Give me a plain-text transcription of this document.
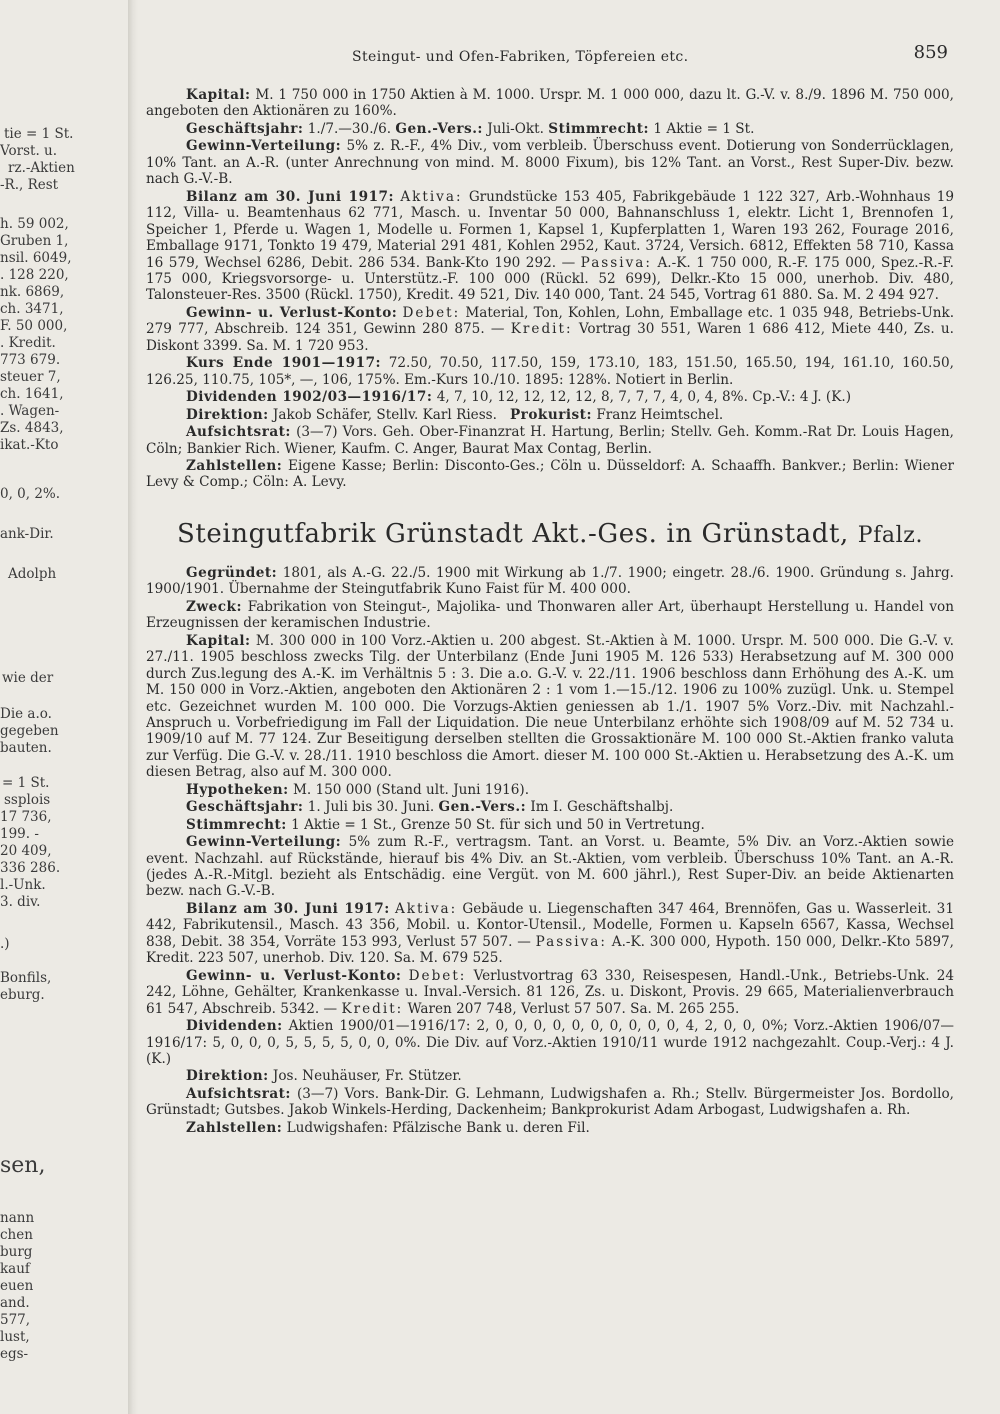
tie = 1 St.
Vorst. u.
rz.-Aktien
-R., Rest
h. 59 002,
Gruben 1,
nsil. 6049,
. 128 220,
nk. 6869,
ch. 3471,
F. 50 000,
. Kredit.
773 679.
steuer 7,
ch. 1641,
. Wagen-
Zs. 4843,
ikat.-Kto
0, 0, 2%.
ank-Dir.
Adolph
wie der
Die a.o.
gegeben
bauten.
= 1 St.
ssplois
17 736,
199. -
20 409,
336 286.
l.-Unk.
3. div.
.)
Bonfils,
eburg.
sen,
nann
chen
burg
kauf
euen
and.
577,
lust,
egs-
Steingut- und Ofen-Fabriken, Töpfereien etc.	859

Kapital: M. 1 750 000 in 1750 Aktien à M. 1000. Urspr. M. 1 000 000, dazu lt. G.-V. v. 8./9. 1896 M. 750 000, angeboten den Aktionären zu 160%.

Geschäftsjahr: 1./7.—30./6. Gen.-Vers.: Juli-Okt. Stimmrecht: 1 Aktie = 1 St.

Gewinn-Verteilung: 5% z. R.-F., 4% Div., vom verbleib. Überschuss event. Dotierung von Sonderrücklagen, 10% Tant. an A.-R. (unter Anrechnung von mind. M. 8000 Fixum), bis 12% Tant. an Vorst., Rest Super-Div. bezw. nach G.-V.-B.

Bilanz am 30. Juni 1917: Aktiva: Grundstücke 153 405, Fabrikgebäude 1 122 327, Arb.-Wohnhaus 19 112, Villa- u. Beamtenhaus 62 771, Masch. u. Inventar 50 000, Bahnanschluss 1, elektr. Licht 1, Brennofen 1, Speicher 1, Pferde u. Wagen 1, Modelle u. Formen 1, Kapsel 1, Kupferplatten 1, Waren 193 262, Fourage 2016, Emballage 9171, Tonkto 19 479, Material 291 481, Kohlen 2952, Kaut. 3724, Versich. 6812, Effekten 58 710, Kassa 16 579, Wechsel 6286, Debit. 286 534. Bank-Kto 190 292. — Passiva: A.-K. 1 750 000, R.-F. 175 000, Spez.-R.-F. 175 000, Kriegsvorsorge- u. Unterstütz.-F. 100 000 (Rückl. 52 699), Delkr.-Kto 15 000, unerhob. Div. 480, Talonsteuer-Res. 3500 (Rückl. 1750), Kredit. 49 521, Div. 140 000, Tant. 24 545, Vortrag 61 880. Sa. M. 2 494 927.

Gewinn- u. Verlust-Konto: Debet: Material, Ton, Kohlen, Lohn, Emballage etc. 1 035 948, Betriebs-Unk. 279 777, Abschreib. 124 351, Gewinn 280 875. — Kredit: Vortrag 30 551, Waren 1 686 412, Miete 440, Zs. u. Diskont 3399. Sa. M. 1 720 953.

Kurs Ende 1901—1917: 72.50, 70.50, 117.50, 159, 173.10, 183, 151.50, 165.50, 194, 161.10, 160.50, 126.25, 110.75, 105*, —, 106, 175%. Em.-Kurs 10./10. 1895: 128%. Notiert in Berlin.

Dividenden 1902/03—1916/17: 4, 7, 10, 12, 12, 12, 12, 8, 7, 7, 7, 4, 0, 4, 8%. Cp.-V.: 4 J. (K.)

Direktion: Jakob Schäfer, Stellv. Karl Riess. Prokurist: Franz Heimtschel.

Aufsichtsrat: (3—7) Vors. Geh. Ober-Finanzrat H. Hartung, Berlin; Stellv. Geh. Komm.-Rat Dr. Louis Hagen, Cöln; Bankier Rich. Wiener, Kaufm. C. Anger, Baurat Max Contag, Berlin.

Zahlstellen: Eigene Kasse; Berlin: Disconto-Ges.; Cöln u. Düsseldorf: A. Schaaffh. Bankver.; Berlin: Wiener Levy & Comp.; Cöln: A. Levy.

Steingutfabrik Grünstadt Akt.-Ges. in Grünstadt, Pfalz.

Gegründet: 1801, als A.-G. 22./5. 1900 mit Wirkung ab 1./7. 1900; eingetr. 28./6. 1900. Gründung s. Jahrg. 1900/1901. Übernahme der Steingutfabrik Kuno Faist für M. 400 000.

Zweck: Fabrikation von Steingut-, Majolika- und Thonwaren aller Art, überhaupt Herstellung u. Handel von Erzeugnissen der keramischen Industrie.

Kapital: M. 300 000 in 100 Vorz.-Aktien u. 200 abgest. St.-Aktien à M. 1000. Urspr. M. 500 000. Die G.-V. v. 27./11. 1905 beschloss zwecks Tilg. der Unterbilanz (Ende Juni 1905 M. 126 533) Herabsetzung auf M. 300 000 durch Zus.legung des A.-K. im Verhältnis 5 : 3. Die a.o. G.-V. v. 22./11. 1906 beschloss dann Erhöhung des A.-K. um M. 150 000 in Vorz.-Aktien, angeboten den Aktionären 2 : 1 vom 1.—15./12. 1906 zu 100% zuzügl. Unk. u. Stempel etc. Gezeichnet wurden M. 100 000. Die Vorzugs-Aktien geniessen ab 1./1. 1907 5% Vorz.-Div. mit Nachzahl.-Anspruch u. Vorbefriedigung im Fall der Liquidation. Die neue Unterbilanz erhöhte sich 1908/09 auf M. 52 734 u. 1909/10 auf M. 77 124. Zur Beseitigung derselben stellten die Grossaktionäre M. 100 000 St.-Aktien franko valuta zur Verfüg. Die G.-V. v. 28./11. 1910 beschloss die Amort. dieser M. 100 000 St.-Aktien u. Herabsetzung des A.-K. um diesen Betrag, also auf M. 300 000.

Hypotheken: M. 150 000 (Stand ult. Juni 1916).

Geschäftsjahr: 1. Juli bis 30. Juni. Gen.-Vers.: Im I. Geschäftshalbj.

Stimmrecht: 1 Aktie = 1 St., Grenze 50 St. für sich und 50 in Vertretung.

Gewinn-Verteilung: 5% zum R.-F., vertragsm. Tant. an Vorst. u. Beamte, 5% Div. an Vorz.-Aktien sowie event. Nachzahl. auf Rückstände, hierauf bis 4% Div. an St.-Aktien, vom verbleib. Überschuss 10% Tant. an A.-R. (jedes A.-R.-Mitgl. bezieht als Entschädig. eine Vergüt. von M. 600 jährl.), Rest Super-Div. an beide Aktienarten bezw. nach G.-V.-B.

Bilanz am 30. Juni 1917: Aktiva: Gebäude u. Liegenschaften 347 464, Brennöfen, Gas u. Wasserleit. 31 442, Fabrikutensil., Masch. 43 356, Mobil. u. Kontor-Utensil., Modelle, Formen u. Kapseln 6567, Kassa, Wechsel 838, Debit. 38 354, Vorräte 153 993, Verlust 57 507. — Passiva: A.-K. 300 000, Hypoth. 150 000, Delkr.-Kto 5897, Kredit. 223 507, unerhob. Div. 120. Sa. M. 679 525.

Gewinn- u. Verlust-Konto: Debet: Verlustvortrag 63 330, Reisespesen, Handl.-Unk., Betriebs-Unk. 24 242, Löhne, Gehälter, Krankenkasse u. Inval.-Versich. 81 126, Zs. u. Diskont, Provis. 29 665, Materialienverbrauch 61 547, Abschreib. 5342. — Kredit: Waren 207 748, Verlust 57 507. Sa. M. 265 255.

Dividenden: Aktien 1900/01—1916/17: 2, 0, 0, 0, 0, 0, 0, 0, 0, 0, 0, 4, 2, 0, 0, 0%; Vorz.-Aktien 1906/07—1916/17: 5, 0, 0, 0, 5, 5, 5, 5, 0, 0, 0%. Die Div. auf Vorz.-Aktien 1910/11 wurde 1912 nachgezahlt. Coup.-Verj.: 4 J. (K.)

Direktion: Jos. Neuhäuser, Fr. Stützer.

Aufsichtsrat: (3—7) Vors. Bank-Dir. G. Lehmann, Ludwigshafen a. Rh.; Stellv. Bürgermeister Jos. Bordollo, Grünstadt; Gutsbes. Jakob Winkels-Herding, Dackenheim; Bankprokurist Adam Arbogast, Ludwigshafen a. Rh.

Zahlstellen: Ludwigshafen: Pfälzische Bank u. deren Fil.
